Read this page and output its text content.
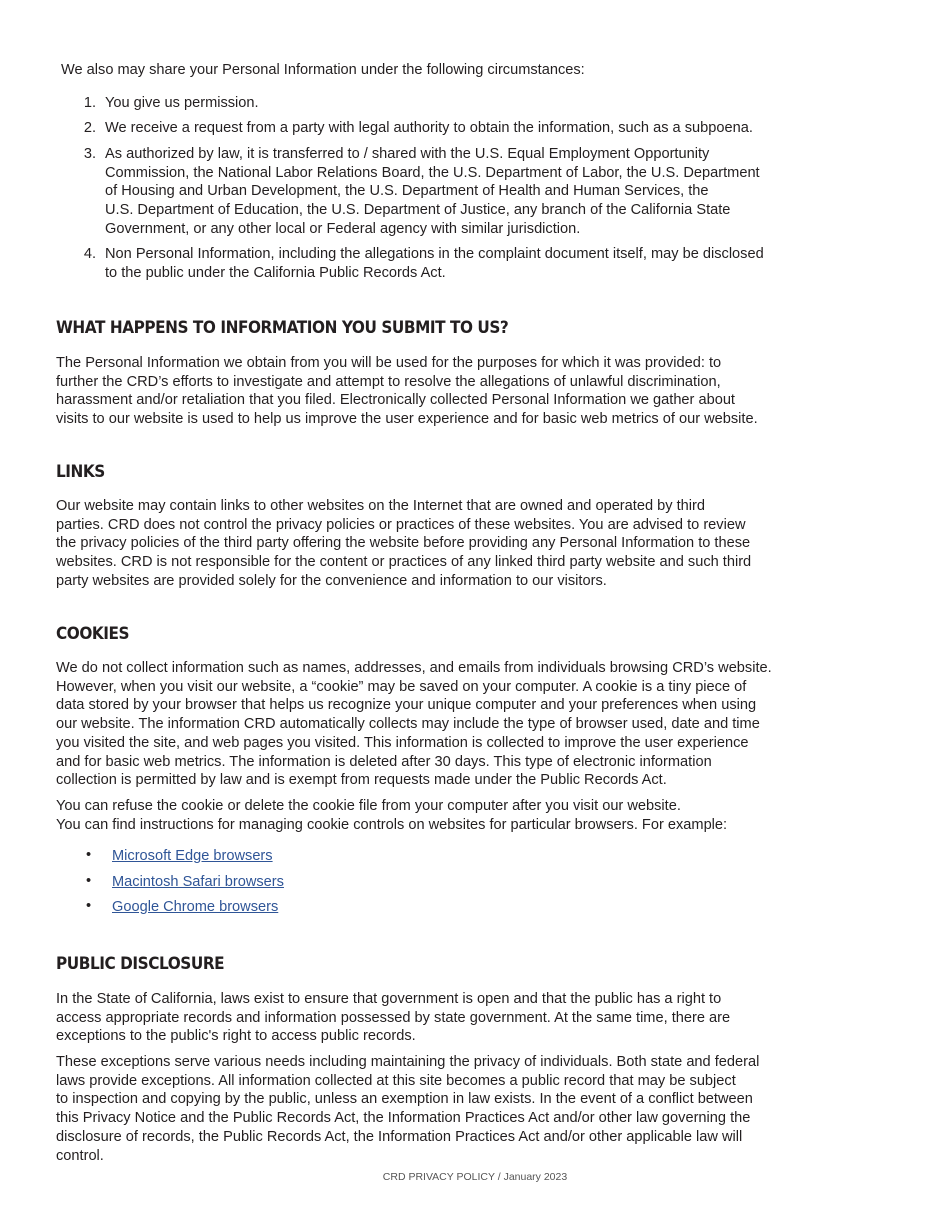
We also may share your Personal Information under the following circumstances:
1. You give us permission.
2. We receive a request from a party with legal authority to obtain the information, such as a subpoena.
3. As authorized by law, it is transferred to / shared with the U.S. Equal Employment Opportunity
Commission, the National Labor Relations Board, the U.S. Department of Labor, the U.S. Department
of Housing and Urban Development, the U.S. Department of Health and Human Services, the
U.S. Department of Education, the U.S. Department of Justice, any branch of the California State
Government, or any other local or Federal agency with similar jurisdiction.
4. Non Personal Information, including the allegations in the complaint document itself, may be disclosed
to the public under the California Public Records Act.
WHAT HAPPENS TO INFORMATION YOU SUBMIT TO US?
The Personal Information we obtain from you will be used for the purposes for which it was provided: to
further the CRD’s efforts to investigate and attempt to resolve the allegations of unlawful discrimination,
harassment and/or retaliation that you filed. Electronically collected Personal Information we gather about
visits to our website is used to help us improve the user experience and for basic web metrics of our website.
LINKS
Our website may contain links to other websites on the Internet that are owned and operated by third
parties. CRD does not control the privacy policies or practices of these websites. You are advised to review
the privacy policies of the third party offering the website before providing any Personal Information to these
websites. CRD is not responsible for the content or practices of any linked third party website and such third
party websites are provided solely for the convenience and information to our visitors.
COOKIES
We do not collect information such as names, addresses, and emails from individuals browsing CRD’s website.
However, when you visit our website, a “cookie” may be saved on your computer. A cookie is a tiny piece of
data stored by your browser that helps us recognize your unique computer and your preferences when using
our website. The information CRD automatically collects may include the type of browser used, date and time
you visited the site, and web pages you visited. This information is collected to improve the user experience
and for basic web metrics. The information is deleted after 30 days. This type of electronic information
collection is permitted by law and is exempt from requests made under the Public Records Act.
You can refuse the cookie or delete the cookie file from your computer after you visit our website.
You can find instructions for managing cookie controls on websites for particular browsers. For example:
• Microsoft Edge browsers
• Macintosh Safari browsers
• Google Chrome browsers
PUBLIC DISCLOSURE
In the State of California, laws exist to ensure that government is open and that the public has a right to
access appropriate records and information possessed by state government. At the same time, there are
exceptions to the public's right to access public records.
These exceptions serve various needs including maintaining the privacy of individuals. Both state and federal
laws provide exceptions. All information collected at this site becomes a public record that may be subject
to inspection and copying by the public, unless an exemption in law exists. In the event of a conflict between
this Privacy Notice and the Public Records Act, the Information Practices Act and/or other law governing the
disclosure of records, the Public Records Act, the Information Practices Act and/or other applicable law will
control.
CRD PRIVACY POLICY / January 2023
